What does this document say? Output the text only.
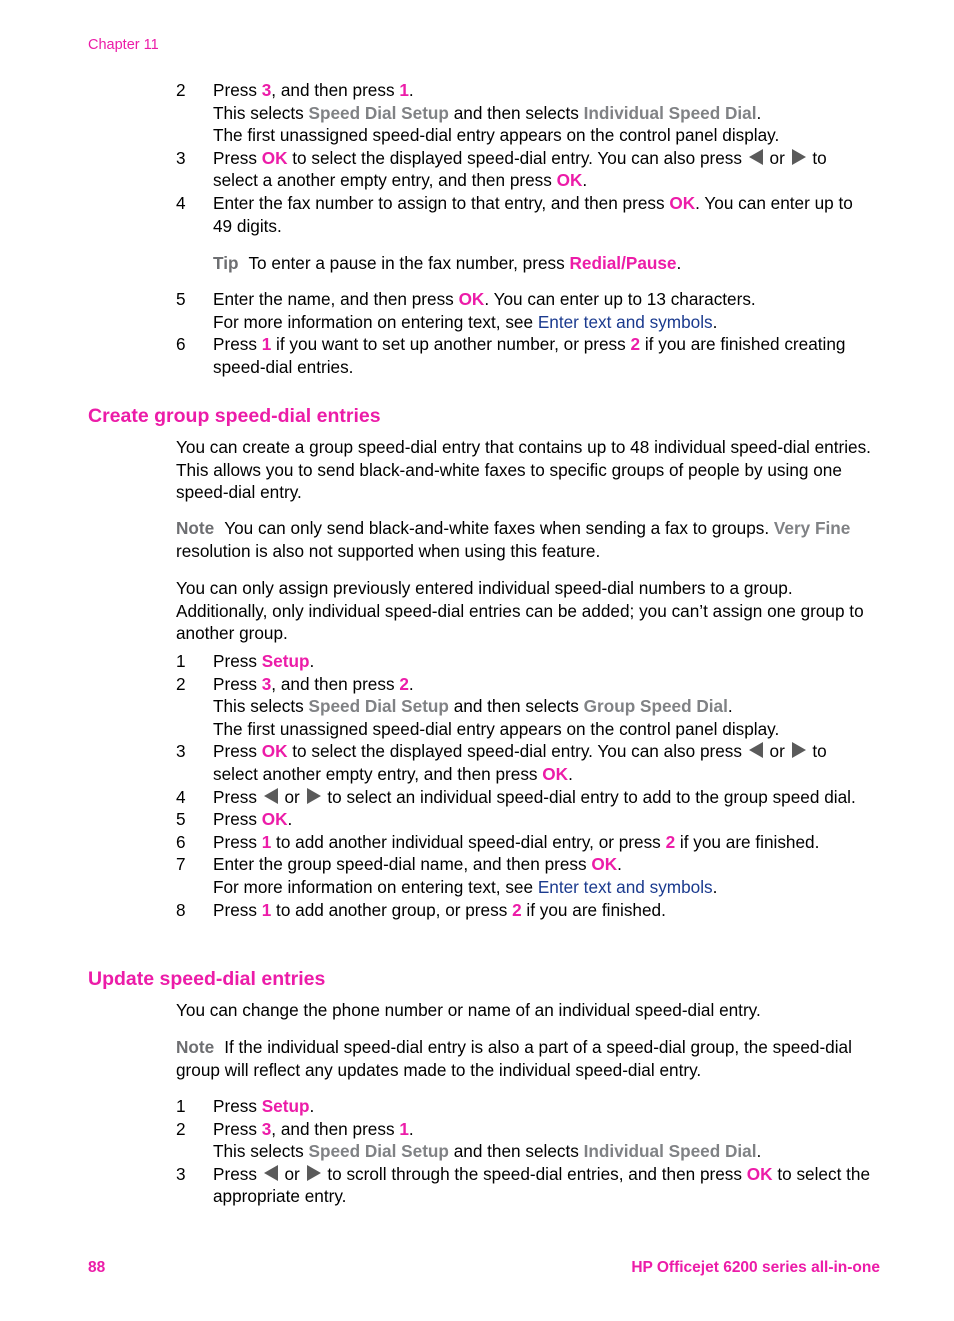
Chapter 11
2 Press 3, and then press 1.
This selects Speed Dial Setup and then selects Individual Speed Dial.
The first unassigned speed-dial entry appears on the control panel display.
3 Press OK to select the displayed speed-dial entry. You can also press  or  to select a another empty entry, and then press OK.
4 Enter the fax number to assign to that entry, and then press OK. You can enter up to 49 digits.
Tip To enter a pause in the fax number, press Redial/Pause.
5 Enter the name, and then press OK. You can enter up to 13 characters.
For more information on entering text, see Enter text and symbols.
6 Press 1 if you want to set up another number, or press 2 if you are finished creating speed-dial entries.
Create group speed-dial entries
You can create a group speed-dial entry that contains up to 48 individual speed-dial entries. This allows you to send black-and-white faxes to specific groups of people by using one speed-dial entry.
Note You can only send black-and-white faxes when sending a fax to groups. Very Fine resolution is also not supported when using this feature.
You can only assign previously entered individual speed-dial numbers to a group. Additionally, only individual speed-dial entries can be added; you can’t assign one group to another group.
1 Press Setup.
2 Press 3, and then press 2.
This selects Speed Dial Setup and then selects Group Speed Dial.
The first unassigned speed-dial entry appears on the control panel display.
3 Press OK to select the displayed speed-dial entry. You can also press  or  to select another empty entry, and then press OK.
4 Press  or  to select an individual speed-dial entry to add to the group speed dial.
5 Press OK.
6 Press 1 to add another individual speed-dial entry, or press 2 if you are finished.
7 Enter the group speed-dial name, and then press OK.
For more information on entering text, see Enter text and symbols.
8 Press 1 to add another group, or press 2 if you are finished.
Update speed-dial entries
You can change the phone number or name of an individual speed-dial entry.
Note If the individual speed-dial entry is also a part of a speed-dial group, the speed-dial group will reflect any updates made to the individual speed-dial entry.
1 Press Setup.
2 Press 3, and then press 1.
This selects Speed Dial Setup and then selects Individual Speed Dial.
3 Press  or  to scroll through the speed-dial entries, and then press OK to select the appropriate entry.
88	HP Officejet 6200 series all-in-one
